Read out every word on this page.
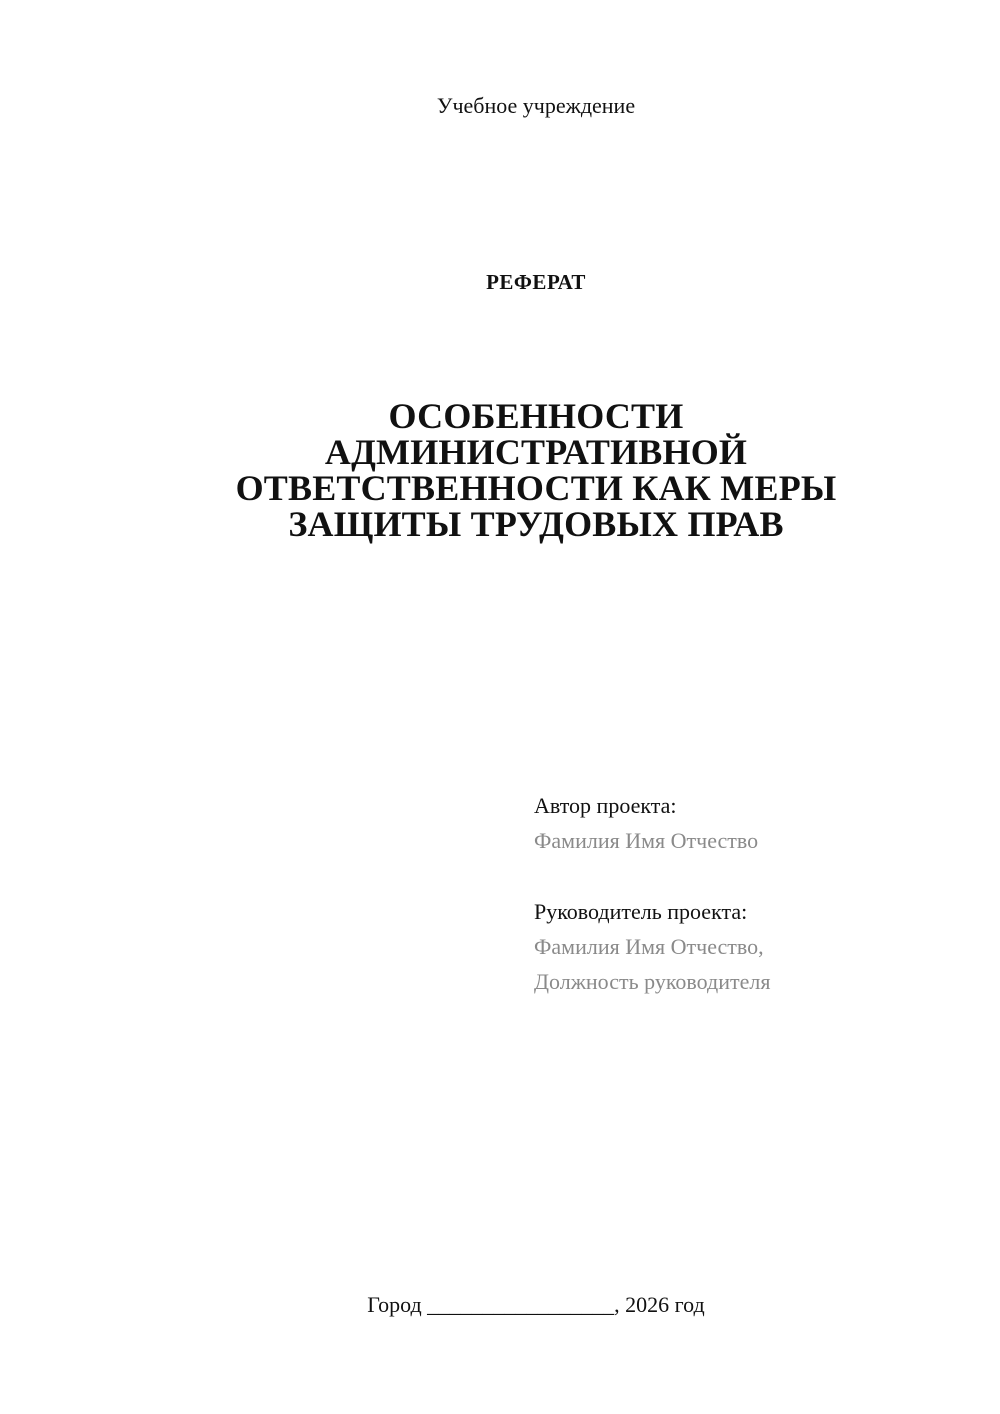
Учебное учреждение
РЕФЕРАТ
ОСОБЕННОСТИ
АДМИНИСТРАТИВНОЙ
ОТВЕТСТВЕННОСТИ КАК МЕРЫ
ЗАЩИТЫ ТРУДОВЫХ ПРАВ
Автор проекта:
Фамилия Имя Отчество
Руководитель проекта:
Фамилия Имя Отчество,
Должность руководителя
Город _________________, 2026 год
